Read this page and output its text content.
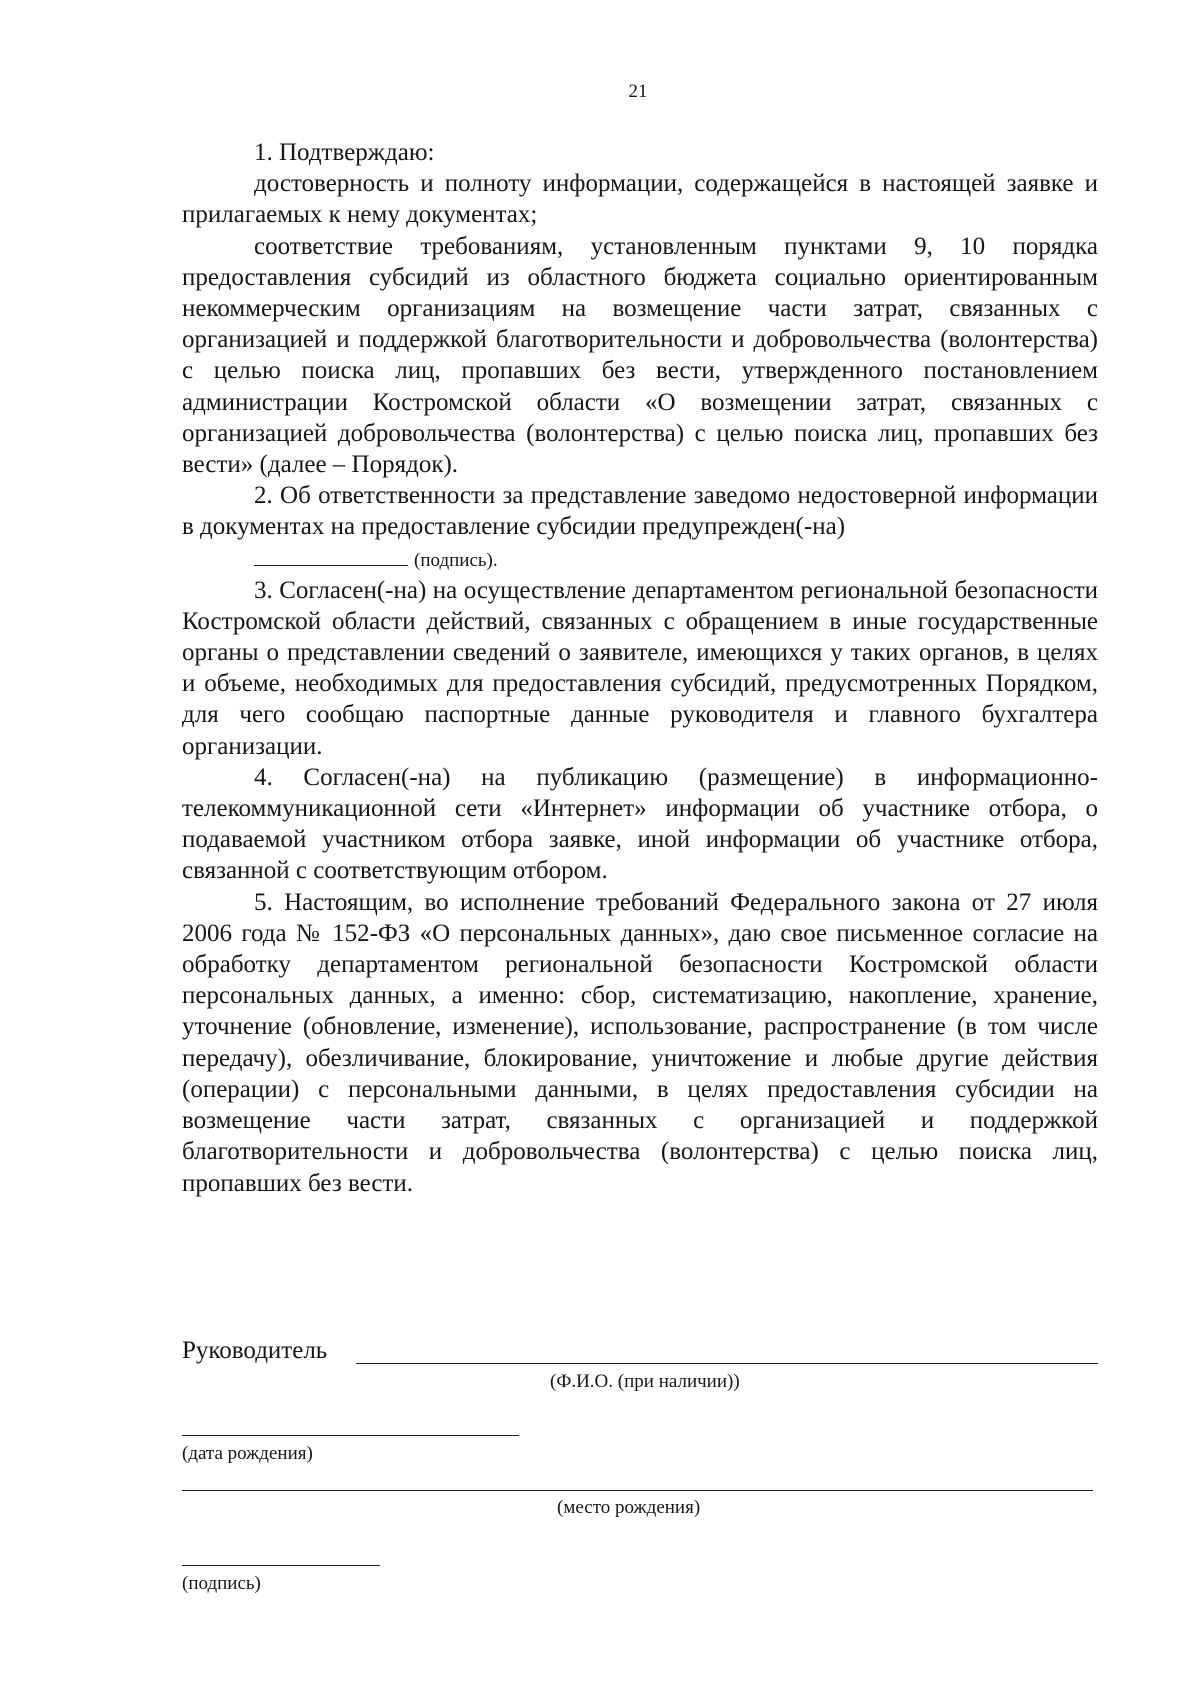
21

1. Подтверждаю:

достоверность и полноту информации, содержащейся в настоящей заявке и прилагаемых к нему документах;

соответствие требованиям, установленным пунктами 9, 10 порядка предоставления субсидий из областного бюджета социально ориентированным некоммерческим организациям на возмещение части затрат, связанных с организацией и поддержкой благотворительности и добровольчества (волонтерства) с целью поиска лиц, пропавших без вести, утвержденного постановлением администрации Костромской области «О возмещении затрат, связанных с организацией добровольчества (волонтерства) с целью поиска лиц, пропавших без вести» (далее – Порядок).

2. Об ответственности за представление заведомо недостоверной информации в документах на предоставление субсидии предупрежден(-на)

(подпись).

3. Согласен(-на) на осуществление департаментом региональной безопасности Костромской области действий, связанных с обращением в иные государственные органы о представлении сведений о заявителе, имеющихся у таких органов, в целях и объеме, необходимых для предоставления субсидий, предусмотренных Порядком, для чего сообщаю паспортные данные руководителя и главного бухгалтера организации.

4. Согласен(-на) на публикацию (размещение) в информационно-телекоммуникационной сети «Интернет» информации об участнике отбора, о подаваемой участником отбора заявке, иной информации об участнике отбора, связанной с соответствующим отбором.

5. Настоящим, во исполнение требований Федерального закона от 27 июля 2006 года № 152-ФЗ «О персональных данных», даю свое письменное согласие на обработку департаментом региональной безопасности Костромской области персональных данных, а именно: сбор, систематизацию, накопление, хранение, уточнение (обновление, изменение), использование, распространение (в том числе передачу), обезличивание, блокирование, уничтожение и любые другие действия (операции) с персональными данными, в целях предоставления субсидии на возмещение части затрат, связанных с организацией и поддержкой благотворительности и добровольчества (волонтерства) с целью поиска лиц, пропавших без вести.

Руководитель
(Ф.И.О. (при наличии))
(дата рождения)
(место рождения)
(подпись)
